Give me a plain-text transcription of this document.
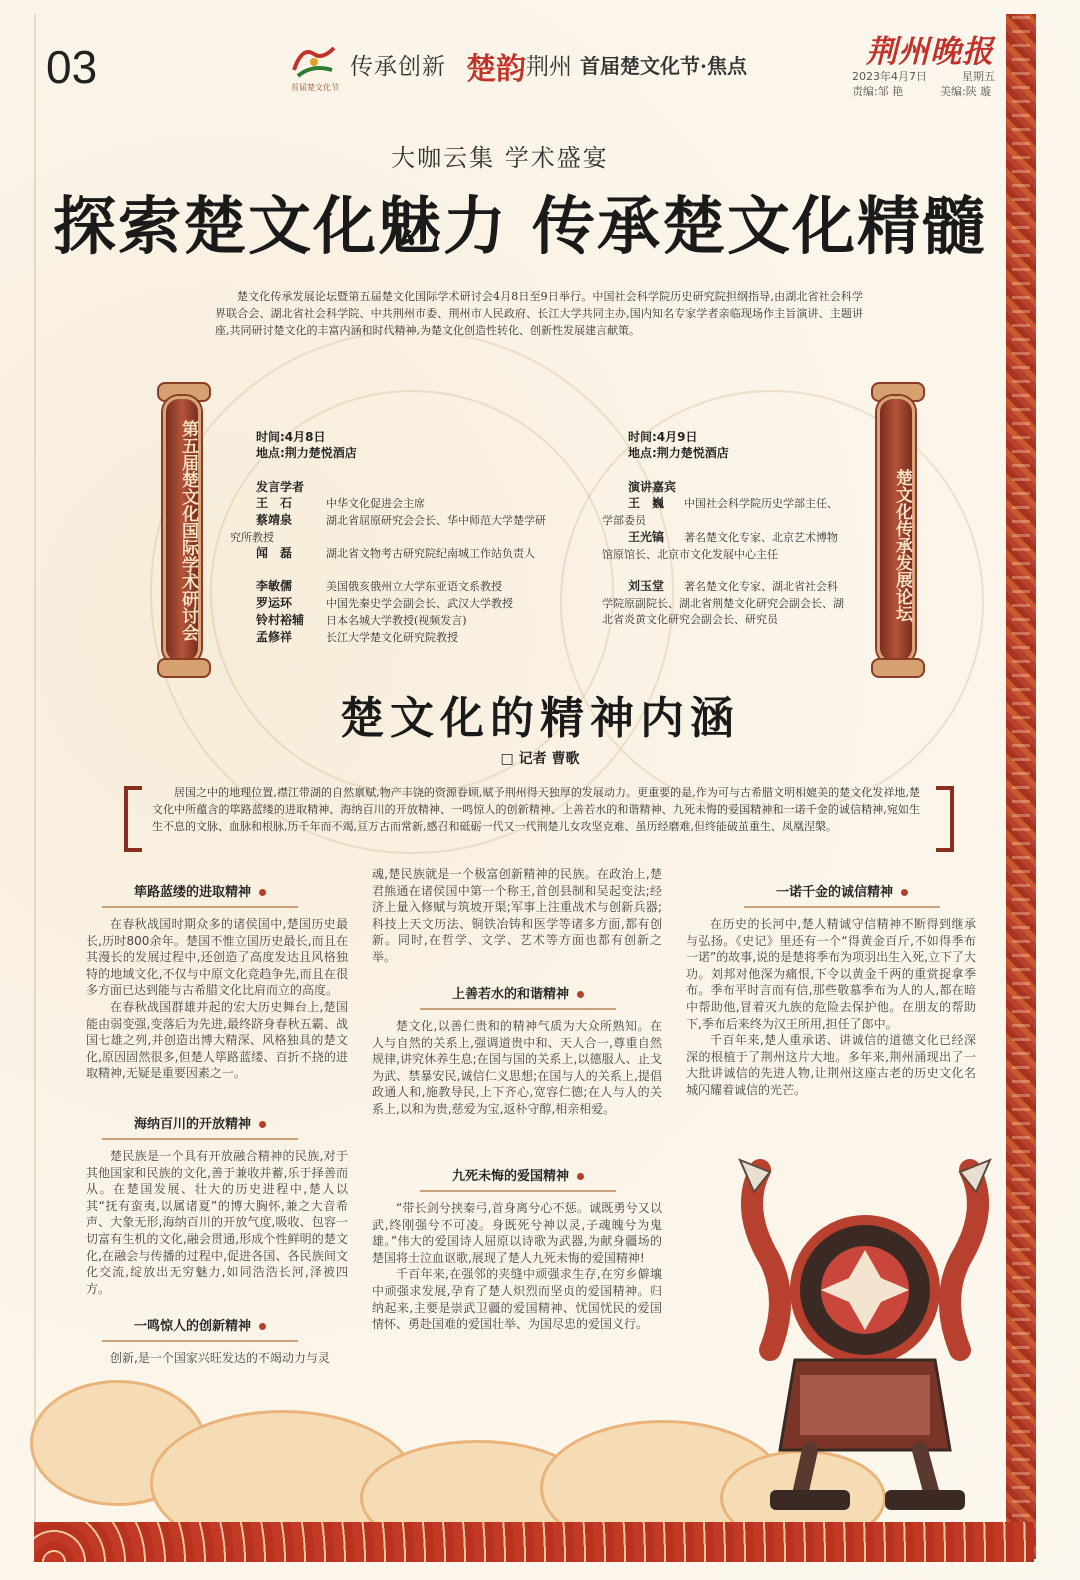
03	首届楚文化节
传承创新 楚韵 荆州 首届楚文化节·焦点	荆州晚报
2023年4月7日	星期五
责编:邹 艳	美编:陕 璇
大咖云集 学术盛宴
探索楚文化魅力 传承楚文化精髓
楚文化传承发展论坛暨第五届楚文化国际学术研讨会4月8日至9日举行。中国社会科学院历史研究院担纲指导,由湖北省社会科学界联合会、湖北省社会科学院、中共荆州市委、荆州市人民政府、长江大学共同主办,国内知名专家学者亲临现场作主旨演讲、主题讲座,共同研讨楚文化的丰富内涵和时代精神,为楚文化创造性转化、创新性发展建言献策。
第五届楚文化国际学术研讨会	楚文化传承发展论坛
时间:4月8日
地点:荆力楚悦酒店
发言学者
王　石	中华文化促进会主席
蔡靖泉	湖北省屈原研究会会长、华中师范大学楚学研究所教授
闻　磊	湖北省文物考古研究院纪南城工作站负责人
李敏儒	美国俄亥俄州立大学东亚语文系教授
罗运环	中国先秦史学会副会长、武汉大学教授
铃村裕辅 日本名城大学教授(视频发言)
孟修祥	长江大学楚文化研究院教授
时间:4月9日
地点:荆力楚悦酒店
演讲嘉宾
王　巍 中国社会科学院历史学部主任、学部委员
王光镐 著名楚文化专家、北京艺术博物馆原馆长、北京市文化发展中心主任
刘玉堂 著名楚文化专家、湖北省社会科学院原副院长、湖北省荆楚文化研究会副会长、湖北省炎黄文化研究会副会长、研究员
楚文化的精神内涵
□ 记者 曹歌
居国之中的地理位置,襟江带湖的自然禀赋,物产丰饶的资源眷顾,赋予荆州得天独厚的发展动力。更重要的是,作为可与古希腊文明相媲美的楚文化发祥地,楚文化中所蕴含的筚路蓝缕的进取精神、海纳百川的开放精神、一鸣惊人的创新精神、上善若水的和谐精神、九死未悔的爱国精神和一诺千金的诚信精神,宛如生生不息的文脉、血脉和根脉,历千年而不竭,亘万古而常新,感召和砥砺一代又一代荆楚儿女攻坚克难、虽历经磨难,但终能破茧重生、凤凰涅槃。
筚路蓝缕的进取精神

在春秋战国时期众多的诸侯国中,楚国历史最长,历时800余年。楚国不惟立国历史最长,而且在其漫长的发展过程中,还创造了高度发达且风格独特的地域文化,不仅与中原文化竞趋争先,而且在很多方面已达到能与古希腊文化比肩而立的高度。

在春秋战国群雄并起的宏大历史舞台上,楚国能由弱变强,变落后为先进,最终跻身春秋五霸、战国七雄之列,并创造出博大精深、风格独具的楚文化,原因固然很多,但楚人筚路蓝缕、百折不挠的进取精神,无疑是重要因素之一。

海纳百川的开放精神

楚民族是一个具有开放融合精神的民族,对于其他国家和民族的文化,善于兼收并蓄,乐于择善而从。在楚国发展、壮大的历史进程中,楚人以其“抚有蛮夷,以属诸夏”的博大胸怀,兼之大音希声、大象无形,海纳百川的开放气度,吸收、包容一切富有生机的文化,融会贯通,形成个性鲜明的楚文化,在融会与传播的过程中,促进各国、各民族间文化交流,绽放出无穷魅力,如同浩浩长河,泽被四方。

一鸣惊人的创新精神

创新,是一个国家兴旺发达的不竭动力与灵

魂,楚民族就是一个极富创新精神的民族。在政治上,楚君熊通在诸侯国中第一个称王,首创县制和吴起变法;经济上量入修赋与筑坡开渠;军事上注重战术与创新兵器;科技上天文历法、铜铁冶铸和医学等诸多方面,都有创新。同时,在哲学、文学、艺术等方面也都有创新之举。

上善若水的和谐精神

楚文化,以善仁贵和的精神气质为大众所熟知。在人与自然的关系上,强调道贵中和、天人合一,尊重自然规律,讲究休养生息;在国与国的关系上,以德服人、止戈为武、禁暴安民,诚信仁义思想;在国与人的关系上,提倡政通人和,施教导民,上下齐心,宽容仁德;在人与人的关系上,以和为贵,慈爱为宝,返朴守醇,相亲相爱。

九死未悔的爱国精神

“带长剑兮挟秦弓,首身离兮心不惩。诚既勇兮又以武,终刚强兮不可凌。身既死兮神以灵,子魂魄兮为鬼雄。”伟大的爱国诗人屈原以诗歌为武器,为献身疆场的楚国将士泣血讴歌,展现了楚人九死未悔的爱国精神!

千百年来,在强邻的夹缝中顽强求生存,在穷乡僻壤中顽强求发展,孕育了楚人炽烈而坚贞的爱国精神。归纳起来,主要是崇武卫疆的爱国精神、忧国忧民的爱国情怀、勇赴国难的爱国壮举、为国尽忠的爱国义行。

一诺千金的诚信精神

在历史的长河中,楚人精诚守信精神不断得到继承与弘扬。《史记》里还有一个“得黄金百斤,不如得季布一诺”的故事,说的是楚将季布为项羽出生入死,立下了大功。刘邦对他深为痛恨,下令以黄金千两的重赏捉拿季布。季布平时言而有信,那些敬慕季布为人的人,都在暗中帮助他,冒着灭九族的危险去保护他。在朋友的帮助下,季布后来终为汉王所用,担任了郎中。

千百年来,楚人重承诺、讲诚信的道德文化已经深深的根植于了荆州这片大地。多年来,荆州涌现出了一大批讲诚信的先进人物,让荆州这座古老的历史文化名城闪耀着诚信的光芒。
